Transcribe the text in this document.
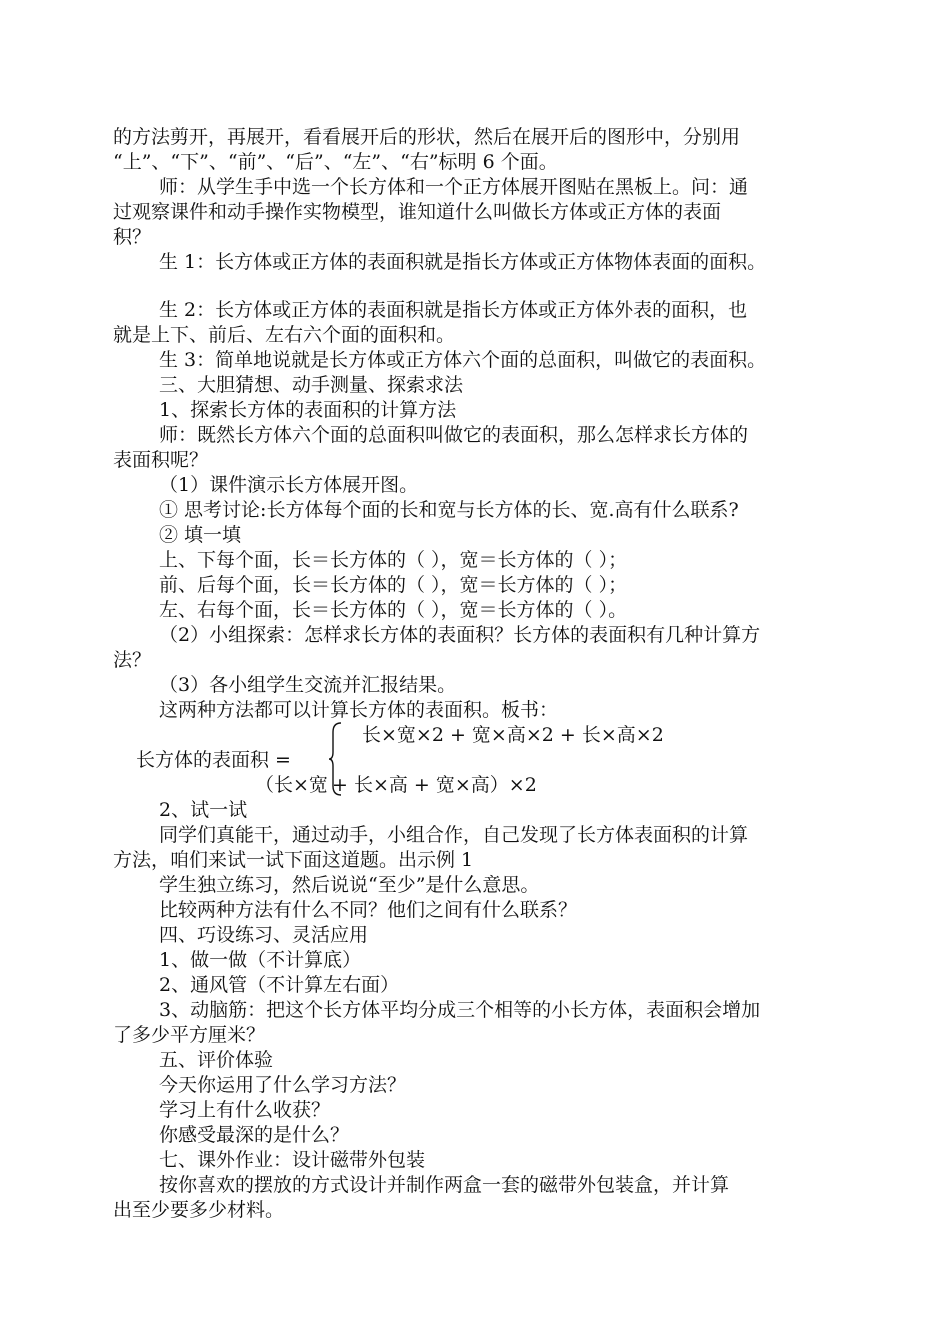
的方法剪开，再展开，看看展开后的形状，然后在展开后的图形中，分别用
“上”、“下”、“前”、“后”、“左”、“右”标明 6 个面。
师：从学生手中选一个长方体和一个正方体展开图贴在黑板上。问：通
过观察课件和动手操作实物模型，谁知道什么叫做长方体或正方体的表面
积？
生 1：长方体或正方体的表面积就是指长方体或正方体物体表面的面积。
生 2：长方体或正方体的表面积就是指长方体或正方体外表的面积，也
就是上下、前后、左右六个面的面积和。
生 3：简单地说就是长方体或正方体六个面的总面积，叫做它的表面积。
三、大胆猜想、动手测量、探索求法
1、探索长方体的表面积的计算方法
师：既然长方体六个面的总面积叫做它的表面积，那么怎样求长方体的
表面积呢？
（1）课件演示长方体展开图。
① 思考讨论:长方体每个面的长和宽与长方体的长、宽.高有什么联系?
② 填一填
上、下每个面，长＝长方体的（ ），宽＝长方体的（ ）；
前、后每个面，长＝长方体的（ ），宽＝长方体的（ ）；
左、右每个面，长＝长方体的（ ），宽＝长方体的（ ）。
（2）小组探索：怎样求长方体的表面积？长方体的表面积有几种计算方
法？
（3）各小组学生交流并汇报结果。
这两种方法都可以计算长方体的表面积。板书：
长×宽×2 + 宽×高×2 + 长×高×2
长方体的表面积 =
（长×宽 + 长×高 + 宽×高）×2
2、试一试
同学们真能干，通过动手，小组合作，自己发现了长方体表面积的计算
方法，咱们来试一试下面这道题。出示例 1
学生独立练习，然后说说“至少”是什么意思。
比较两种方法有什么不同？他们之间有什么联系？
四、巧设练习、灵活应用
1、做一做（不计算底）
2、通风管（不计算左右面）
3、动脑筋：把这个长方体平均分成三个相等的小长方体，表面积会增加
了多少平方厘米？
五、评价体验
今天你运用了什么学习方法？
学习上有什么收获？
你感受最深的是什么？
七、课外作业：设计磁带外包装
按你喜欢的摆放的方式设计并制作两盒一套的磁带外包装盒，并计算
出至少要多少材料。
